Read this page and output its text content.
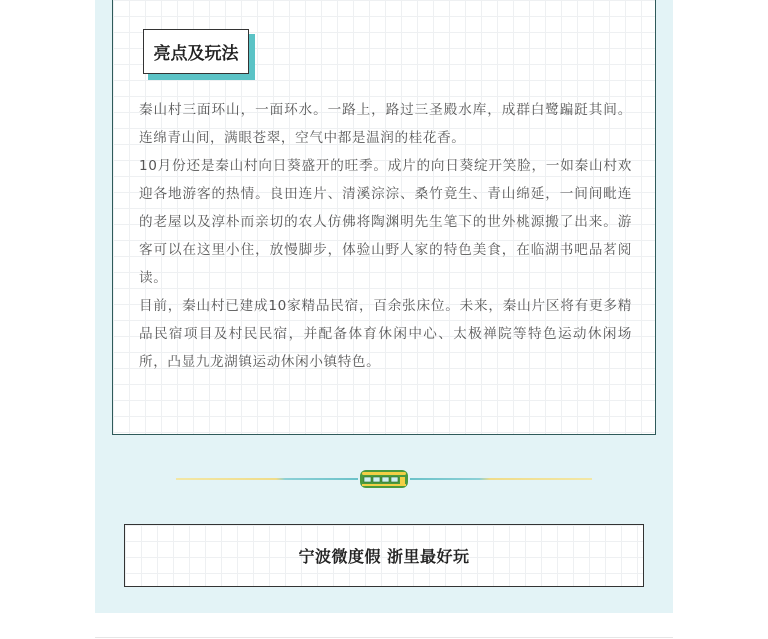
亮点及玩法

秦山村三面环山，一面环水。一路上，路过三圣殿水库，成群白鹭蹁跹其间。连绵青山间，满眼苍翠，空气中都是温润的桂花香。

10月份还是秦山村向日葵盛开的旺季。成片的向日葵绽开笑脸，一如秦山村欢迎各地游客的热情。良田连片、清溪淙淙、桑竹竟生、青山绵延，一间间毗连的老屋以及淳朴而亲切的农人仿佛将陶渊明先生笔下的世外桃源搬了出来。游客可以在这里小住，放慢脚步，体验山野人家的特色美食，在临湖书吧品茗阅读。

目前，秦山村已建成10家精品民宿，百余张床位。未来，秦山片区将有更多精品民宿项目及村民民宿，并配备体育休闲中心、太极禅院等特色运动休闲场所，凸显九龙湖镇运动休闲小镇特色。

宁波微度假 浙里最好玩
